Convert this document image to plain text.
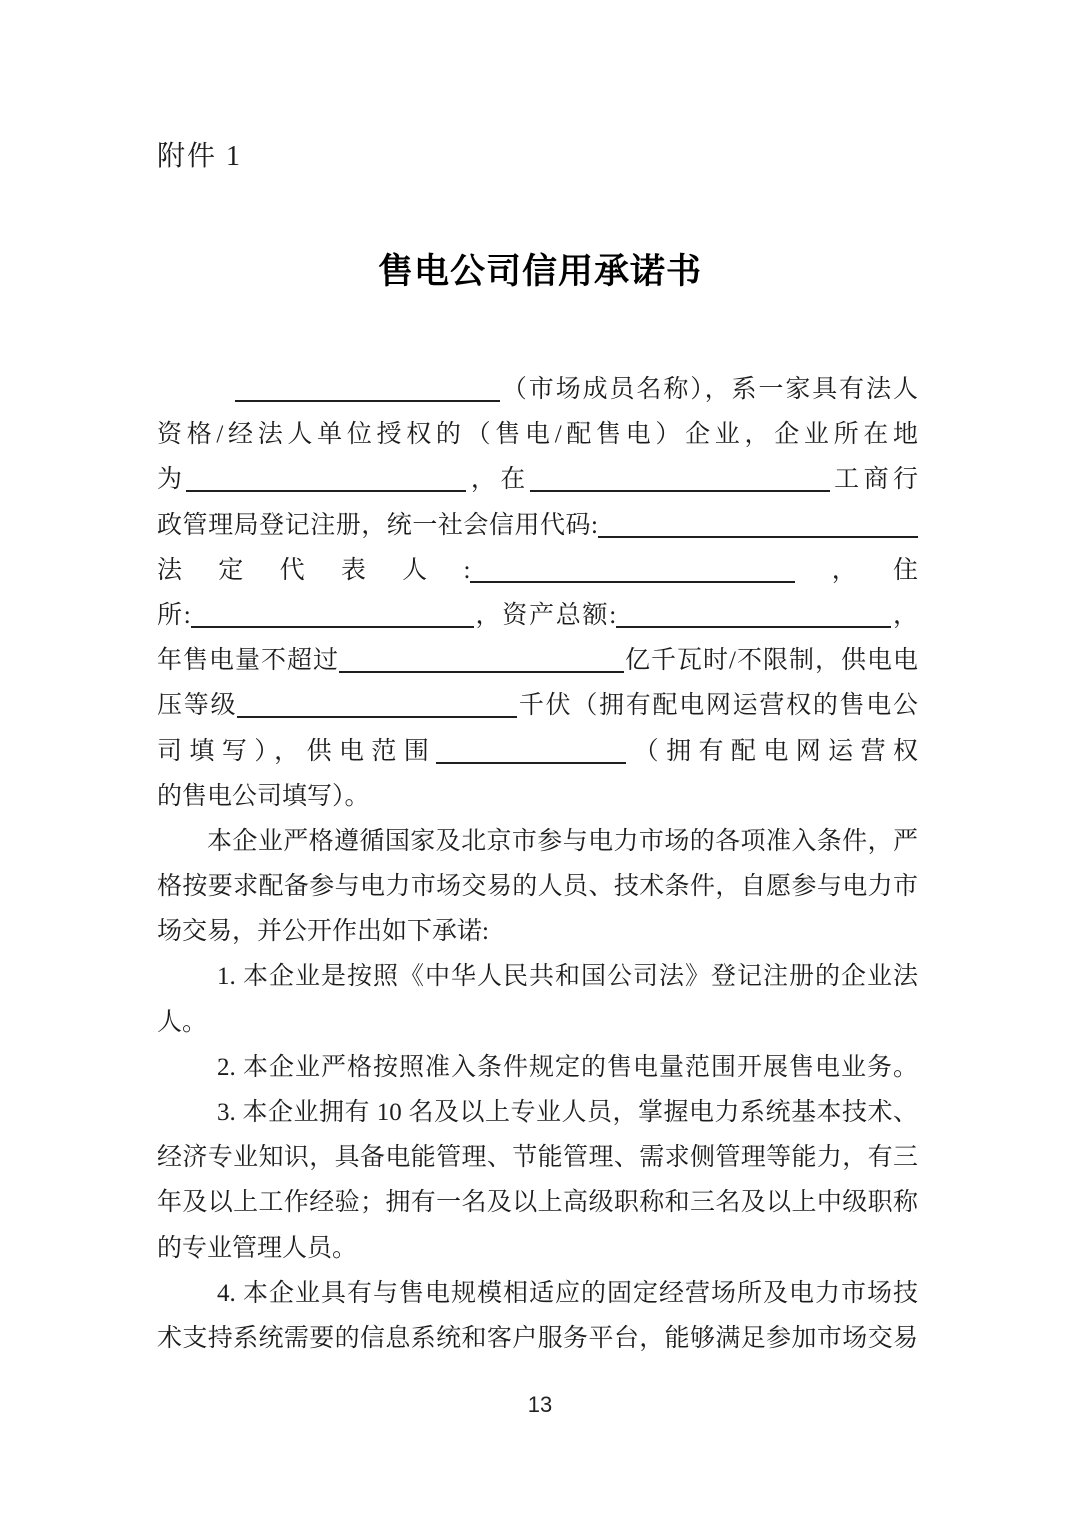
附件 1
售电公司信用承诺书
（市场成员名称），系一家具有法人
资格/经法人单位授权的（售电/配售电）企业，企业所在地
为	，在	工商行
政管理局登记注册，统一社会信用代码:
法定代表人:	，住
所:	，资产总额:	，
年售电量不超过	亿千瓦时/不限制，供电电
压等级	千伏（拥有配电网运营权的售电公
司填写），供电范围	（拥有配电网运营权
的售电公司填写）。
本企业严格遵循国家及北京市参与电力市场的各项准入条件，严
格按要求配备参与电力市场交易的人员、技术条件，自愿参与电力市
场交易，并公开作出如下承诺:
1. 本企业是按照《中华人民共和国公司法》登记注册的企业法
人。
2. 本企业严格按照准入条件规定的售电量范围开展售电业务。
3. 本企业拥有 10 名及以上专业人员，掌握电力系统基本技术、
经济专业知识，具备电能管理、节能管理、需求侧管理等能力，有三
年及以上工作经验；拥有一名及以上高级职称和三名及以上中级职称
的专业管理人员。
4. 本企业具有与售电规模相适应的固定经营场所及电力市场技
术支持系统需要的信息系统和客户服务平台，能够满足参加市场交易
13
